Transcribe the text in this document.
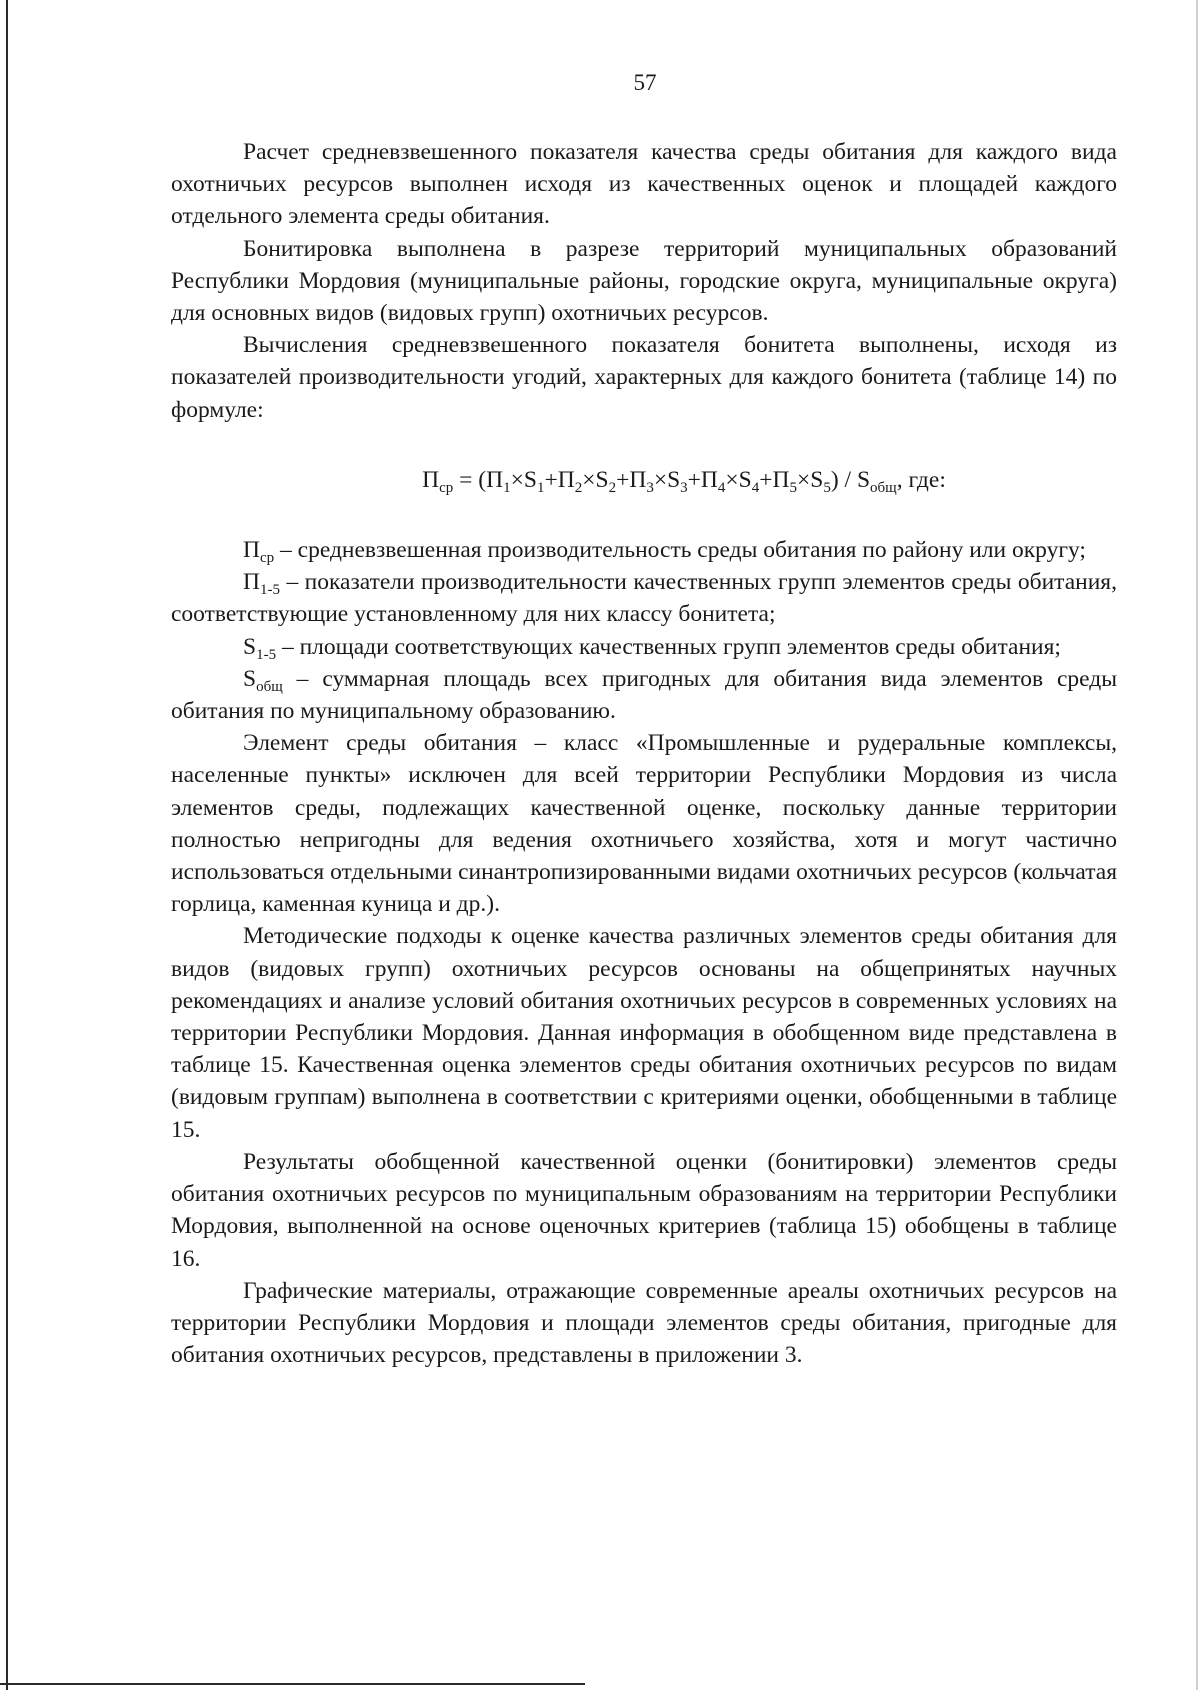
57

Расчет средневзвешенного показателя качества среды обитания для каждого вида охотничьих ресурсов выполнен исходя из качественных оценок и площадей каждого отдельного элемента среды обитания.

Бонитировка выполнена в разрезе территорий муниципальных образований Республики Мордовия (муниципальные районы, городские округа, муниципальные округа) для основных видов (видовых групп) охотничьих ресурсов.

Вычисления средневзвешенного показателя бонитета выполнены, исходя из показателей производительности угодий, характерных для каждого бонитета (таблице 14) по формуле:

$П_{ср} = (П_1\times S_1+П_2\times S_2+П_3\times S_3+П_4\times S_4+П_5\times S_5) / S_{общ}$, где:

$П_{ср}$ – средневзвешенная производительность среды обитания по району или округу;

$П_{1-5}$ – показатели производительности качественных групп элементов среды обитания, соответствующие установленному для них классу бонитета;

$S_{1-5}$ – площади соответствующих качественных групп элементов среды обитания;

$S_{общ}$ – суммарная площадь всех пригодных для обитания вида элементов среды обитания по муниципальному образованию.

Элемент среды обитания – класс «Промышленные и рудеральные комплексы, населенные пункты» исключен для всей территории Республики Мордовия из числа элементов среды, подлежащих качественной оценке, поскольку данные территории полностью непригодны для ведения охотничьего хозяйства, хотя и могут частично использоваться отдельными синантропизированными видами охотничьих ресурсов (кольчатая горлица, каменная куница и др.).

Методические подходы к оценке качества различных элементов среды обитания для видов (видовых групп) охотничьих ресурсов основаны на общепринятых научных рекомендациях и анализе условий обитания охотничьих ресурсов в современных условиях на территории Республики Мордовия. Данная информация в обобщенном виде представлена в таблице 15. Качественная оценка элементов среды обитания охотничьих ресурсов по видам (видовым группам) выполнена в соответствии с критериями оценки, обобщенными в таблице 15.

Результаты обобщенной качественной оценки (бонитировки) элементов среды обитания охотничьих ресурсов по муниципальным образованиям на территории Республики Мордовия, выполненной на основе оценочных критериев (таблица 15) обобщены в таблице 16.

Графические материалы, отражающие современные ареалы охотничьих ресурсов на территории Республики Мордовия и площади элементов среды обитания, пригодные для обитания охотничьих ресурсов, представлены в приложении 3.
